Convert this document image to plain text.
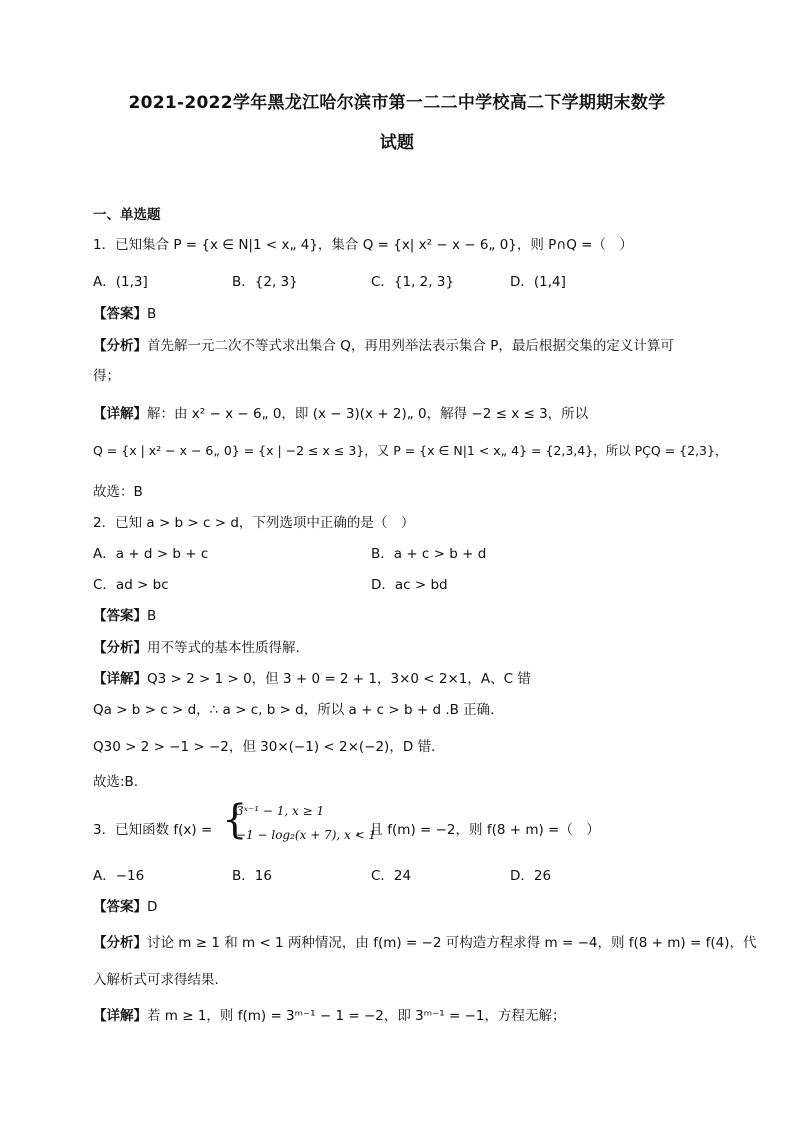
2021-2022学年黑龙江哈尔滨市第一二二中学校高二下学期期末数学
试题
一、单选题
1．已知集合 P = {x ∈ N|1 < x„ 4}，集合 Q = {x| x² − x − 6„ 0}，则 P∩Q =（　）
A．(1,3]	B．{2, 3}	C．{1, 2, 3}	D．(1,4]
【答案】B
【分析】首先解一元二次不等式求出集合 Q，再用列举法表示集合 P，最后根据交集的定义计算可
得；
【详解】解：由 x² − x − 6„ 0，即 (x − 3)(x + 2)„ 0，解得 −2 ≤ x ≤ 3，所以
Q = {x | x² − x − 6„ 0} = {x | −2 ≤ x ≤ 3}，又 P = {x ∈ N|1 < x„ 4} = {2,3,4}，所以 PÇQ = {2,3}，
故选：B
2．已知 a > b > c > d，下列选项中正确的是（　）
A．a + d > b + c	B．a + c > b + d
C．ad > bc	D．ac > bd
【答案】B
【分析】用不等式的基本性质得解.
【详解】Q3 > 2 > 1 > 0，但 3 + 0 = 2 + 1，3×0 < 2×1，A、C 错
Qa > b > c > d，∴ a > c, b > d，所以 a + c > b + d .B 正确.
Q30 > 2 > −1 > −2，但 30×(−1) < 2×(−2)，D 错.
故选:B.
3．已知函数 f(x) = {
3ˣ⁻¹ − 1, x ≥ 1
−1 − log₂(x + 7), x < 1
，且 f(m) = −2，则 f(8 + m) =（　）
A．−16	B．16	C．24	D．26
【答案】D
【分析】讨论 m ≥ 1 和 m < 1 两种情况，由 f(m) = −2 可构造方程求得 m = −4，则 f(8 + m) = f(4)，代
入解析式可求得结果.
【详解】若 m ≥ 1，则 f(m) = 3ᵐ⁻¹ − 1 = −2，即 3ᵐ⁻¹ = −1，方程无解；
